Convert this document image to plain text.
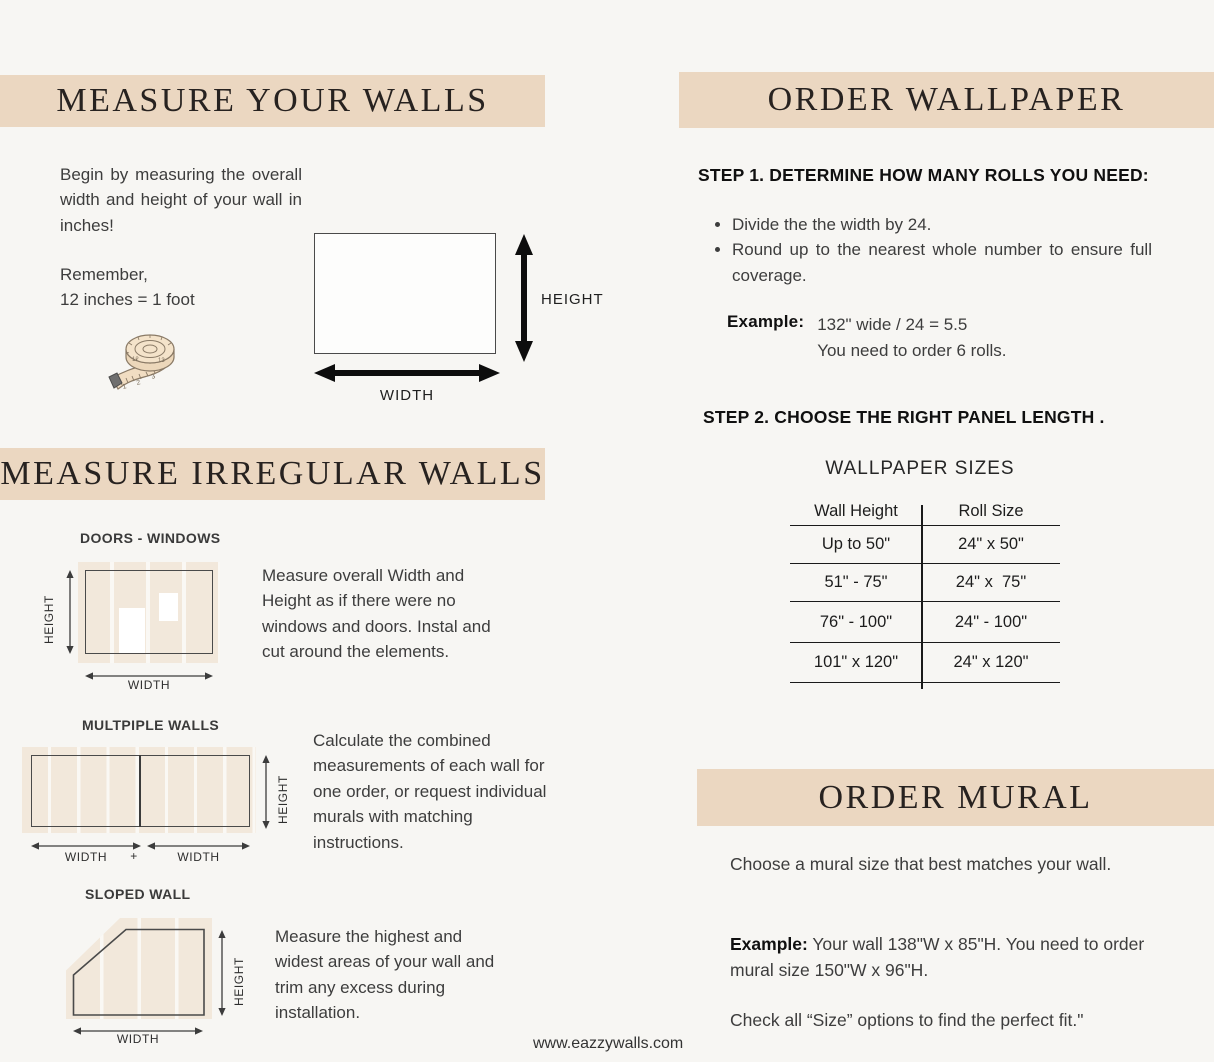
MEASURE YOUR WALLS
Begin by measuring the overall width and height of your wall in inches!
Remember,
12 inches = 1 foot
1
2
3
12	13
WIDTH
HEIGHT
MEASURE IRREGULAR WALLS
DOORS - WINDOWS
HEIGHT
WIDTH
Measure overall Width and Height as if there were no windows and doors. Instal and cut around the elements.
MULTPIPLE WALLS
HEIGHT
WIDTH	+	WIDTH
Calculate the combined measurements of each wall for one order, or request individual murals with matching instructions.
SLOPED WALL
HEIGHT
WIDTH
Measure the highest and widest areas of your wall and trim any excess during installation.
ORDER WALLPAPER
STEP 1. DETERMINE HOW MANY ROLLS YOU NEED:
• Divide the the width by 24.
• Round up to the nearest whole number to ensure full coverage.
Example: 132" wide / 24 = 5.5
You need to order 6 rolls.
STEP 2. CHOOSE THE RIGHT PANEL LENGTH .
WALLPAPER SIZES
Wall Height	Roll Size
Up to 50"	24" x 50"
51" - 75"	24" x  75"
76" - 100"	24" - 100"
101" x 120"	24" x 120"
ORDER MURAL
Choose a mural size that best matches your wall.

Example: Your wall 138"W x 85"H. You need to order mural size 150"W x 96"H.

Check all “Size” options to find the perfect fit."
www.eazzywalls.com
